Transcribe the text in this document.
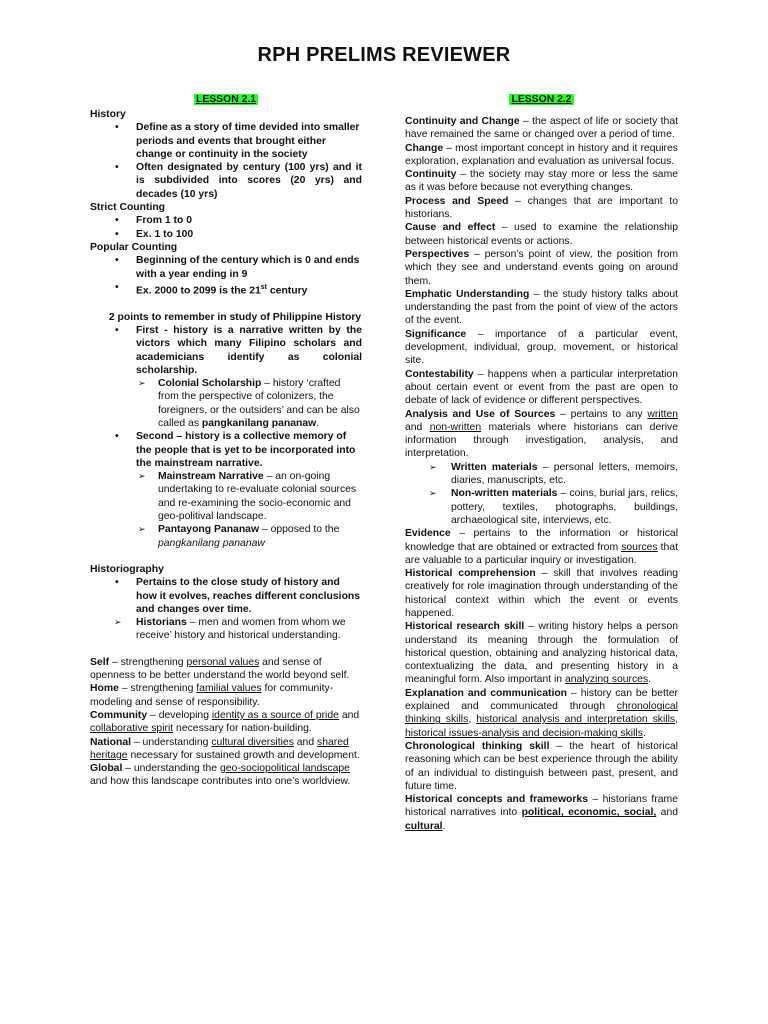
RPH PRELIMS REVIEWER
LESSON 2.1
History
• Define as a story of time devided into smaller periods and events that brought either change or continuity in the society
• Often designated by century (100 yrs) and it is subdivided into scores (20 yrs) and decades (10 yrs)
Strict Counting
• From 1 to 0
• Ex. 1 to 100
Popular Counting
• Beginning of the century which is 0 and ends with a year ending in 9
• Ex. 2000 to 2099 is the 21st century
2 points to remember in study of Philippine History
• First - history is a narrative written by the victors which many Filipino scholars and academicians identify as colonial scholarship.
➢ Colonial Scholarship – history ‘crafted from the perspective of colonizers, the foreigners, or the outsiders’ and can be also called as pangkanilang pananaw.
• Second – history is a collective memory of the people that is yet to be incorporated into the mainstream narrative.
➢ Mainstream Narrative – an on-going undertaking to re-evaluate colonial sources and re-examining the socio-economic and geo-politival landscape.
➢ Pantayong Pananaw – opposed to the pangkanilang pananaw
Historiography
• Pertains to the close study of history and how it evolves, reaches different conclusions and changes over time.
➢ Historians – men and women from whom we receive’ history and historical understanding.

Self – strengthening personal values and sense of openness to be better understand the world beyond self.

Home – strengthening familial values for community-modeling and sense of responsibility.

Community – developing identity as a source of pride and collaborative spirit necessary for nation-building.

National – understanding cultural diversities and shared heritage necessary for sustained growth and development.

Global – understanding the geo-sociopolitical landscape and how this landscape contributes into one’s worldview.

LESSON 2.2

Continuity and Change – the aspect of life or society that have remained the same or changed over a period of time.

Change – most important concept in history and it requires exploration, explanation and evaluation as universal focus.

Continuity – the society may stay more or less the same as it was before because not everything changes.

Process and Speed – changes that are important to historians.

Cause and effect – used to examine the relationship between historical events or actions.

Perspectives – person’s point of view, the position from which they see and understand events going on around them.

Emphatic Understanding – the study history talks about understanding the past from the point of view of the actors of the event.

Significance – importance of a particular event, development, individual, group, movement, or historical site.

Contestability – happens when a particular interpretation about certain event or event from the past are open to debate of lack of evidence or different perspectives.

Analysis and Use of Sources – pertains to any written and non-written materials where historians can derive information through investigation, analysis, and interpretation.

➢ Written materials – personal letters, memoirs, diaries, manuscripts, etc.
➢ Non-written materials – coins, burial jars, relics, pottery, textiles, photographs, buildings, archaeological site, interviews, etc.

Evidence – pertains to the information or historical knowledge that are obtained or extracted from sources that are valuable to a particular inquiry or investigation.

Historical comprehension – skill that involves reading creatively for role imagination through understanding of the historical context within which the event or events happened.

Historical research skill – writing history helps a person understand its meaning through the formulation of historical question, obtaining and analyzing historical data, contextualizing the data, and presenting history in a meaningful form. Also important in analyzing sources.

Explanation and communication – history can be better explained and communicated through chronological thinking skills, historical analysis and interpretation skills, historical issues-analysis and decision-making skills.

Chronological thinking skill – the heart of historical reasoning which can be best experience through the ability of an individual to distinguish between past, present, and future time.

Historical concepts and frameworks – historians frame historical narratives into political, economic, social, and cultural.
